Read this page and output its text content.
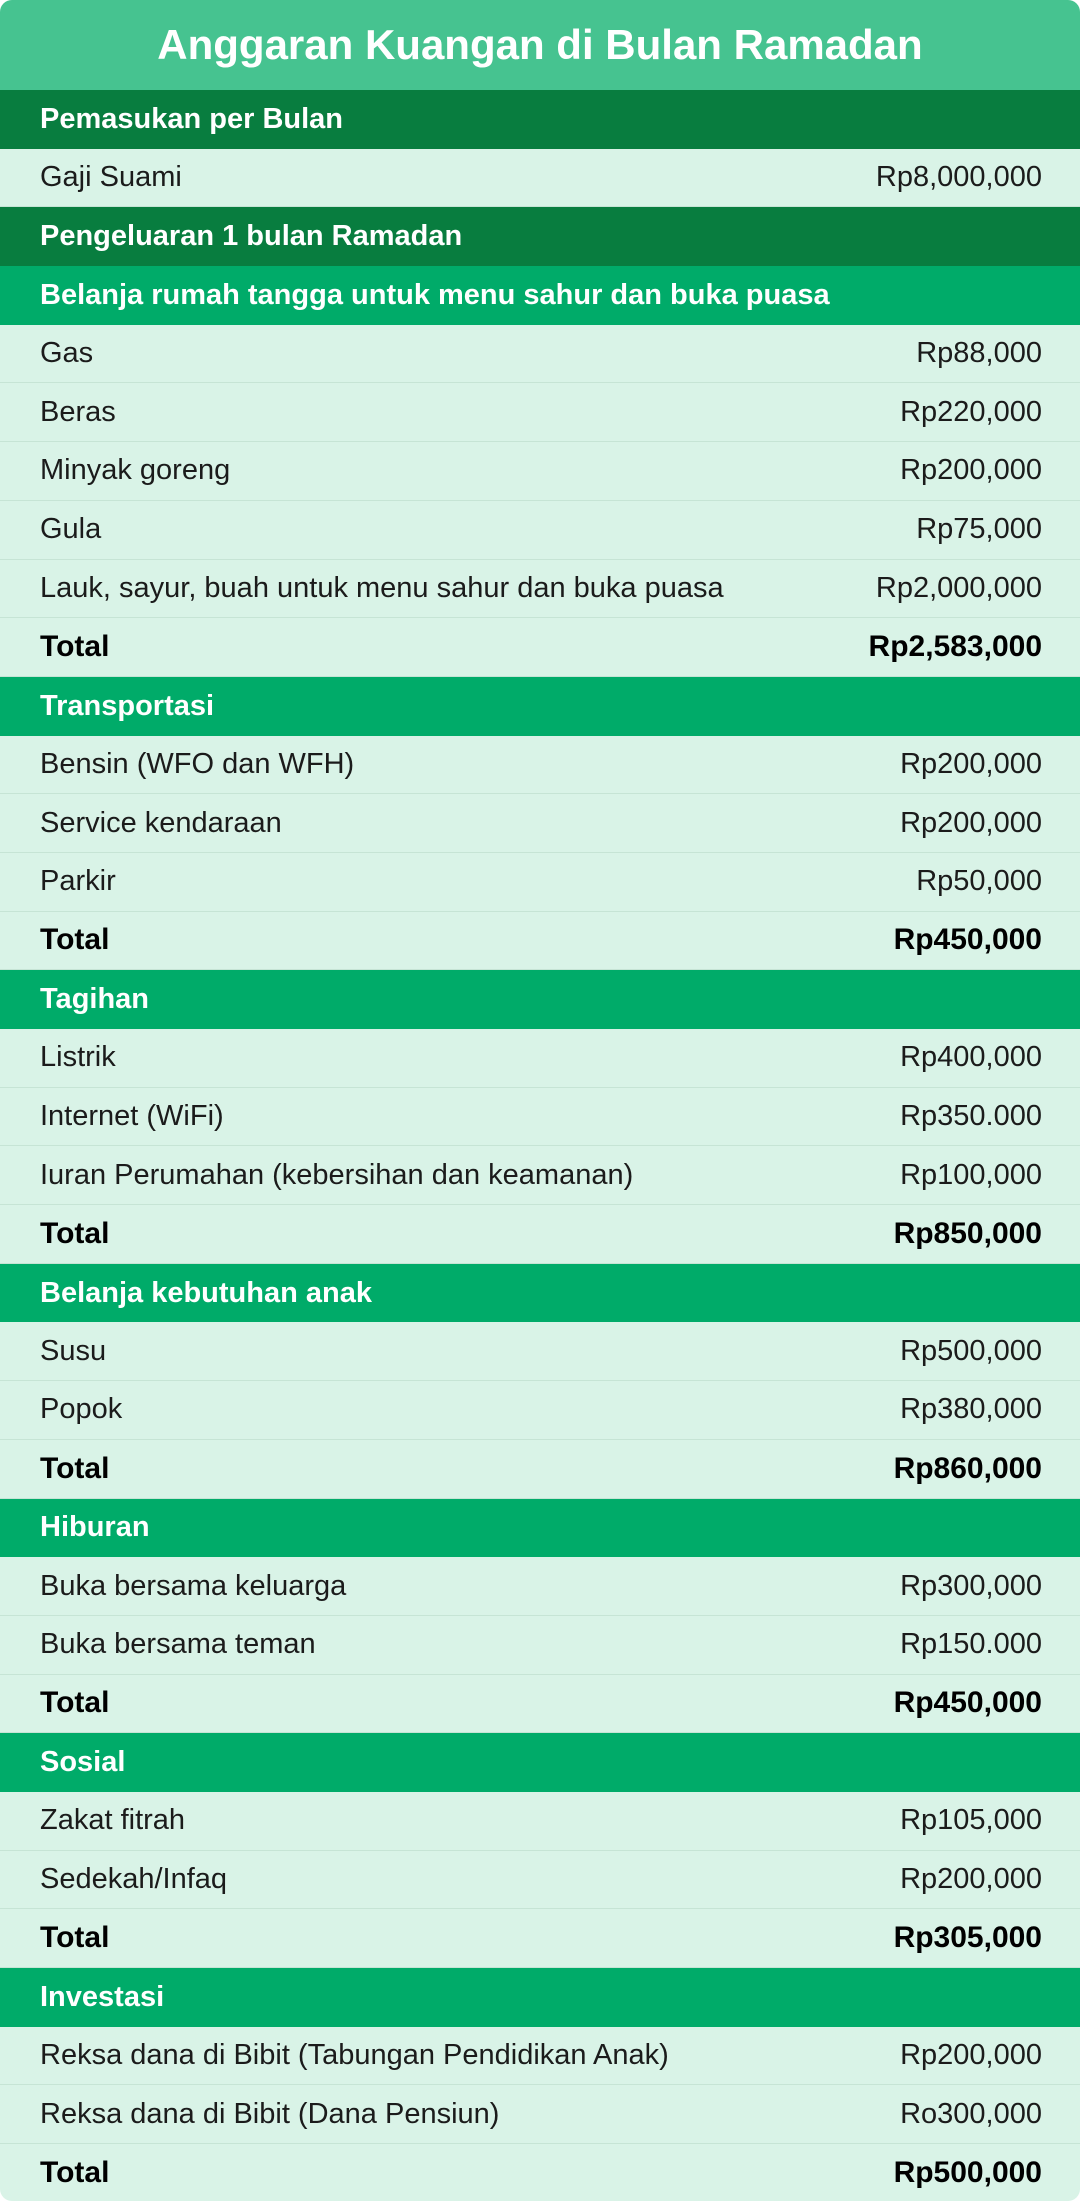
Anggaran Kuangan di Bulan Ramadan
Pemasukan per Bulan
Gaji Suami	Rp8,000,000
Pengeluaran 1 bulan Ramadan
Belanja rumah tangga untuk menu sahur dan buka puasa
Gas	Rp88,000
Beras	Rp220,000
Minyak goreng	Rp200,000
Gula	Rp75,000
Lauk, sayur, buah untuk menu sahur dan buka puasa	Rp2,000,000
Total	Rp2,583,000
Transportasi
Bensin (WFO dan WFH)	Rp200,000
Service kendaraan	Rp200,000
Parkir	Rp50,000
Total	Rp450,000
Tagihan
Listrik	Rp400,000
Internet (WiFi)	Rp350.000
Iuran Perumahan (kebersihan dan keamanan)	Rp100,000
Total	Rp850,000
Belanja kebutuhan anak
Susu	Rp500,000
Popok	Rp380,000
Total	Rp860,000
Hiburan
Buka bersama keluarga	Rp300,000
Buka bersama teman	Rp150.000
Total	Rp450,000
Sosial
Zakat fitrah	Rp105,000
Sedekah/Infaq	Rp200,000
Total	Rp305,000
Investasi
Reksa dana di Bibit (Tabungan Pendidikan Anak)	Rp200,000
Reksa dana di Bibit (Dana Pensiun)	Ro300,000
Total	Rp500,000
